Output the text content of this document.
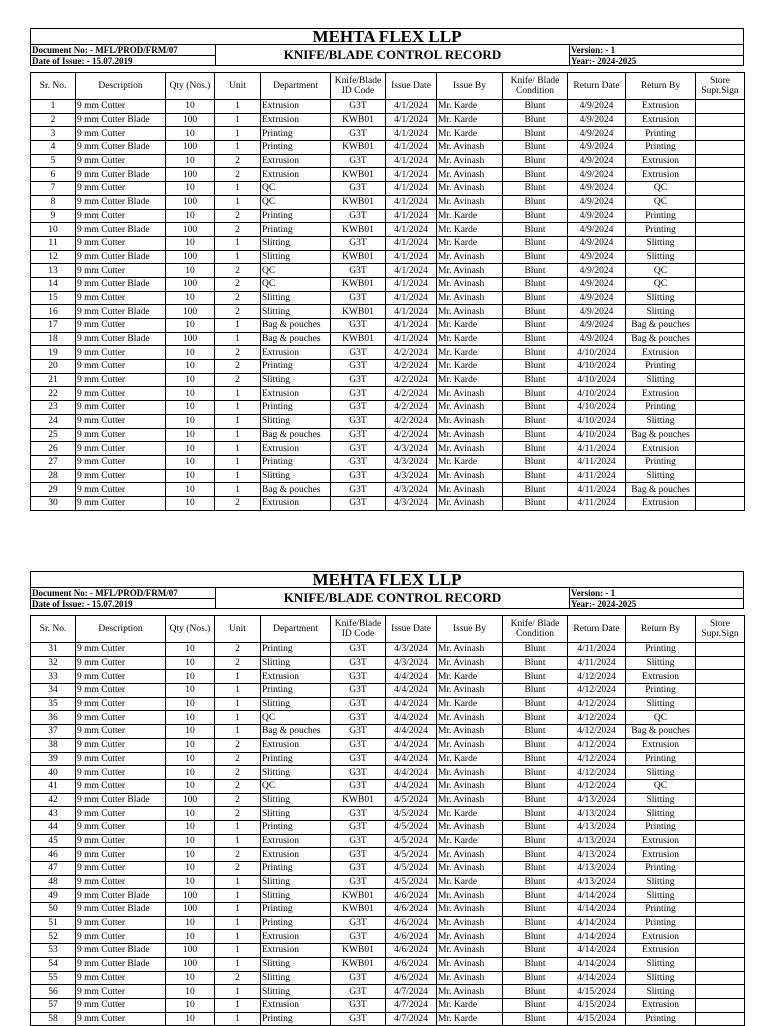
MEHTA FLEX LLP
Document No: - MFL/PROD/FRM/07
Date of Issue: - 15.07.2019	KNIFE/BLADE CONTROL RECORD	Version: - 1
Year:- 2024-2025
Sr. No.	Description	Qty (Nos.)	Unit	Department	Knife/Blade ID Code	Issue Date	Issue By	Knife/ Blade Condition	Return Date	Return By	Store Supr.Sign
1	9 mm Cutter	10	1	Extrusion	G3T	4/1/2024	Mr. Karde	Blunt	4/9/2024	Extrusion	
2	9 mm Cutter Blade	100	1	Extrusion	KWB01	4/1/2024	Mr. Karde	Blunt	4/9/2024	Extrusion	
3	9 mm Cutter	10	1	Printing	G3T	4/1/2024	Mr. Karde	Blunt	4/9/2024	Printing	
4	9 mm Cutter Blade	100	1	Printing	KWB01	4/1/2024	Mr. Avinash	Blunt	4/9/2024	Printing	
5	9 mm Cutter	10	2	Extrusion	G3T	4/1/2024	Mr. Avinash	Blunt	4/9/2024	Extrusion	
6	9 mm Cutter Blade	100	2	Extrusion	KWB01	4/1/2024	Mr. Avinash	Blunt	4/9/2024	Extrusion	
7	9 mm Cutter	10	1	QC	G3T	4/1/2024	Mr. Avinash	Blunt	4/9/2024	QC	
8	9 mm Cutter Blade	100	1	QC	KWB01	4/1/2024	Mr. Avinash	Blunt	4/9/2024	QC	
9	9 mm Cutter	10	2	Printing	G3T	4/1/2024	Mr. Karde	Blunt	4/9/2024	Printing	
10	9 mm Cutter Blade	100	2	Printing	KWB01	4/1/2024	Mr. Karde	Blunt	4/9/2024	Printing	
11	9 mm Cutter	10	1	Slitting	G3T	4/1/2024	Mr. Karde	Blunt	4/9/2024	Slitting	
12	9 mm Cutter Blade	100	1	Slitting	KWB01	4/1/2024	Mr. Avinash	Blunt	4/9/2024	Slitting	
13	9 mm Cutter	10	2	QC	G3T	4/1/2024	Mr. Avinash	Blunt	4/9/2024	QC	
14	9 mm Cutter Blade	100	2	QC	KWB01	4/1/2024	Mr. Avinash	Blunt	4/9/2024	QC	
15	9 mm Cutter	10	2	Slitting	G3T	4/1/2024	Mr. Avinash	Blunt	4/9/2024	Slitting	
16	9 mm Cutter Blade	100	2	Slitting	KWB01	4/1/2024	Mr. Avinash	Blunt	4/9/2024	Slitting	
17	9 mm Cutter	10	1	Bag & pouches	G3T	4/1/2024	Mr. Karde	Blunt	4/9/2024	Bag & pouches	
18	9 mm Cutter Blade	100	1	Bag & pouches	KWB01	4/1/2024	Mr. Karde	Blunt	4/9/2024	Bag & pouches	
19	9 mm Cutter	10	2	Extrusion	G3T	4/2/2024	Mr. Karde	Blunt	4/10/2024	Extrusion	
20	9 mm Cutter	10	2	Printing	G3T	4/2/2024	Mr. Karde	Blunt	4/10/2024	Printing	
21	9 mm Cutter	10	2	Slitting	G3T	4/2/2024	Mr. Karde	Blunt	4/10/2024	Slitting	
22	9 mm Cutter	10	1	Extrusion	G3T	4/2/2024	Mr. Avinash	Blunt	4/10/2024	Extrusion	
23	9 mm Cutter	10	1	Printing	G3T	4/2/2024	Mr. Avinash	Blunt	4/10/2024	Printing	
24	9 mm Cutter	10	1	Slitting	G3T	4/2/2024	Mr. Avinash	Blunt	4/10/2024	Slitting	
25	9 mm Cutter	10	1	Bag & pouches	G3T	4/2/2024	Mr. Avinash	Blunt	4/10/2024	Bag & pouches	
26	9 mm Cutter	10	1	Extrusion	G3T	4/3/2024	Mr. Avinash	Blunt	4/11/2024	Extrusion	
27	9 mm Cutter	10	1	Printing	G3T	4/3/2024	Mr. Karde	Blunt	4/11/2024	Printing	
28	9 mm Cutter	10	1	Slitting	G3T	4/3/2024	Mr. Avinash	Blunt	4/11/2024	Slitting	
29	9 mm Cutter	10	1	Bag & pouches	G3T	4/3/2024	Mr. Avinash	Blunt	4/11/2024	Bag & pouches	
30	9 mm Cutter	10	2	Extrusion	G3T	4/3/2024	Mr. Avinash	Blunt	4/11/2024	Extrusion	
MEHTA FLEX LLP
Document No: - MFL/PROD/FRM/07
Date of Issue: - 15.07.2019	KNIFE/BLADE CONTROL RECORD	Version: - 1
Year:- 2024-2025
Sr. No.	Description	Qty (Nos.)	Unit	Department	Knife/Blade ID Code	Issue Date	Issue By	Knife/ Blade Condition	Return Date	Return By	Store Supr.Sign
31	9 mm Cutter	10	2	Printing	G3T	4/3/2024	Mr. Avinash	Blunt	4/11/2024	Printing	
32	9 mm Cutter	10	2	Slitting	G3T	4/3/2024	Mr. Avinash	Blunt	4/11/2024	Slitting	
33	9 mm Cutter	10	1	Extrusion	G3T	4/4/2024	Mr. Karde	Blunt	4/12/2024	Extrusion	
34	9 mm Cutter	10	1	Printing	G3T	4/4/2024	Mr. Avinash	Blunt	4/12/2024	Printing	
35	9 mm Cutter	10	1	Slitting	G3T	4/4/2024	Mr. Karde	Blunt	4/12/2024	Slitting	
36	9 mm Cutter	10	1	QC	G3T	4/4/2024	Mr. Avinash	Blunt	4/12/2024	QC	
37	9 mm Cutter	10	1	Bag & pouches	G3T	4/4/2024	Mr. Avinash	Blunt	4/12/2024	Bag & pouches	
38	9 mm Cutter	10	2	Extrusion	G3T	4/4/2024	Mr. Avinash	Blunt	4/12/2024	Extrusion	
39	9 mm Cutter	10	2	Printing	G3T	4/4/2024	Mr. Karde	Blunt	4/12/2024	Printing	
40	9 mm Cutter	10	2	Slitting	G3T	4/4/2024	Mr. Avinash	Blunt	4/12/2024	Slitting	
41	9 mm Cutter	10	2	QC	G3T	4/4/2024	Mr. Avinash	Blunt	4/12/2024	QC	
42	9 mm Cutter Blade	100	2	Slitting	KWB01	4/5/2024	Mr. Avinash	Blunt	4/13/2024	Slitting	
43	9 mm Cutter	10	2	Slitting	G3T	4/5/2024	Mr. Karde	Blunt	4/13/2024	Slitting	
44	9 mm Cutter	10	1	Printing	G3T	4/5/2024	Mr. Avinash	Blunt	4/13/2024	Printing	
45	9 mm Cutter	10	1	Extrusion	G3T	4/5/2024	Mr. Karde	Blunt	4/13/2024	Extrusion	
46	9 mm Cutter	10	2	Extrusion	G3T	4/5/2024	Mr. Avinash	Blunt	4/13/2024	Extrusion	
47	9 mm Cutter	10	2	Printing	G3T	4/5/2024	Mr. Avinash	Blunt	4/13/2024	Printing	
48	9 mm Cutter	10	1	Slitting	G3T	4/5/2024	Mr. Karde	Blunt	4/13/2024	Slitting	
49	9 mm Cutter Blade	100	1	Slitting	KWB01	4/6/2024	Mr. Avinash	Blunt	4/14/2024	Slitting	
50	9 mm Cutter Blade	100	1	Printing	KWB01	4/6/2024	Mr. Avinash	Blunt	4/14/2024	Printing	
51	9 mm Cutter	10	1	Printing	G3T	4/6/2024	Mr. Avinash	Blunt	4/14/2024	Printing	
52	9 mm Cutter	10	1	Extrusion	G3T	4/6/2024	Mr. Avinash	Blunt	4/14/2024	Extrusion	
53	9 mm Cutter Blade	100	1	Extrusion	KWB01	4/6/2024	Mr. Avinash	Blunt	4/14/2024	Extrusion	
54	9 mm Cutter Blade	100	1	Slitting	KWB01	4/6/2024	Mr. Avinash	Blunt	4/14/2024	Slitting	
55	9 mm Cutter	10	2	Slitting	G3T	4/6/2024	Mr. Avinash	Blunt	4/14/2024	Slitting	
56	9 mm Cutter	10	1	Slitting	G3T	4/7/2024	Mr. Avinash	Blunt	4/15/2024	Slitting	
57	9 mm Cutter	10	1	Extrusion	G3T	4/7/2024	Mr. Karde	Blunt	4/15/2024	Extrusion	
58	9 mm Cutter	10	1	Printing	G3T	4/7/2024	Mr. Karde	Blunt	4/15/2024	Printing	
